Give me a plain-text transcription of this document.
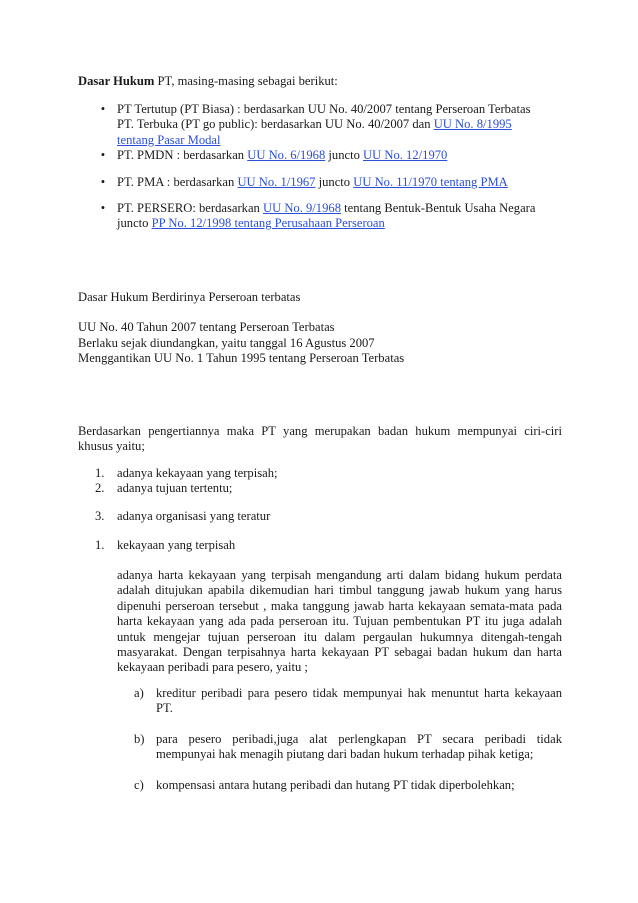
Dasar Hukum PT, masing-masing sebagai berikut:
• PT Tertutup (PT Biasa) : berdasarkan UU No. 40/2007 tentang Perseroan Terbatas
PT. Terbuka (PT go public): berdasarkan UU No. 40/2007 dan UU No. 8/1995
tentang Pasar Modal
• PT. PMDN : berdasarkan UU No. 6/1968 juncto UU No. 12/1970
• PT. PMA : berdasarkan UU No. 1/1967 juncto UU No. 11/1970 tentang PMA
• PT. PERSERO: berdasarkan UU No. 9/1968 tentang Bentuk-Bentuk Usaha Negara
juncto PP No. 12/1998 tentang Perusahaan Perseroan
Dasar Hukum Berdirinya Perseroan terbatas
UU No. 40 Tahun 2007 tentang Perseroan Terbatas
Berlaku sejak diundangkan, yaitu tanggal 16 Agustus 2007
Menggantikan UU No. 1 Tahun 1995 tentang Perseroan Terbatas
Berdasarkan pengertiannya maka PT yang merupakan badan hukum mempunyai ciri-ciri khusus yaitu;
1. adanya kekayaan yang terpisah;
2. adanya tujuan tertentu;
3. adanya organisasi yang teratur
1. kekayaan yang terpisah
adanya harta kekayaan yang terpisah mengandung arti dalam bidang hukum perdata adalah ditujukan apabila dikemudian hari timbul tanggung jawab hukum yang harus dipenuhi perseroan tersebut , maka tanggung jawab harta kekayaan semata-mata pada harta kekayaan yang ada pada perseroan itu. Tujuan pembentukan PT itu juga adalah untuk mengejar tujuan perseroan itu dalam pergaulan hukumnya ditengah-tengah masyarakat. Dengan terpisahnya harta kekayaan PT sebagai badan hukum dan harta kekayaan peribadi para pesero, yaitu ;
a) kreditur peribadi para pesero tidak mempunyai hak menuntut harta kekayaan PT.
b) para pesero peribadi,juga alat perlengkapan PT secara peribadi tidak mempunyai hak menagih piutang dari badan hukum terhadap pihak ketiga;
c) kompensasi antara hutang peribadi dan hutang PT tidak diperbolehkan;
